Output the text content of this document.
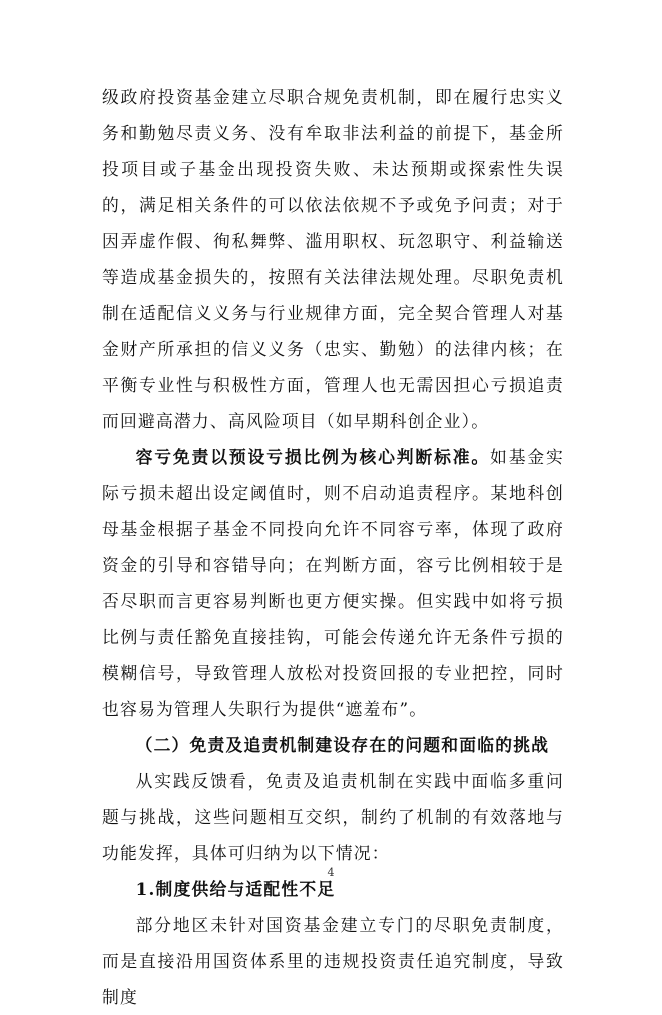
级政府投资基金建立尽职合规免责机制，即在履行忠实义务和勤勉尽责义务、没有牟取非法利益的前提下，基金所投项目或子基金出现投资失败、未达预期或探索性失误的，满足相关条件的可以依法依规不予或免予问责；对于因弄虚作假、徇私舞弊、滥用职权、玩忽职守、利益输送等造成基金损失的，按照有关法律法规处理。尽职免责机制在适配信义义务与行业规律方面，完全契合管理人对基金财产所承担的信义义务（忠实、勤勉）的法律内核；在平衡专业性与积极性方面，管理人也无需因担心亏损追责而回避高潜力、高风险项目（如早期科创企业）。

容亏免责以预设亏损比例为核心判断标准。如基金实际亏损未超出设定阈值时，则不启动追责程序。某地科创母基金根据子基金不同投向允许不同容亏率，体现了政府资金的引导和容错导向；在判断方面，容亏比例相较于是否尽职而言更容易判断也更方便实操。但实践中如将亏损比例与责任豁免直接挂钩，可能会传递允许无条件亏损的模糊信号，导致管理人放松对投资回报的专业把控，同时也容易为管理人失职行为提供“遮羞布”。

（二）免责及追责机制建设存在的问题和面临的挑战

从实践反馈看，免责及追责机制在实践中面临多重问题与挑战，这些问题相互交织，制约了机制的有效落地与功能发挥，具体可归纳为以下情况：

1.制度供给与适配性不足

部分地区未针对国资基金建立专门的尽职免责制度，而是直接沿用国资体系里的违规投资责任追究制度，导致制度

4
